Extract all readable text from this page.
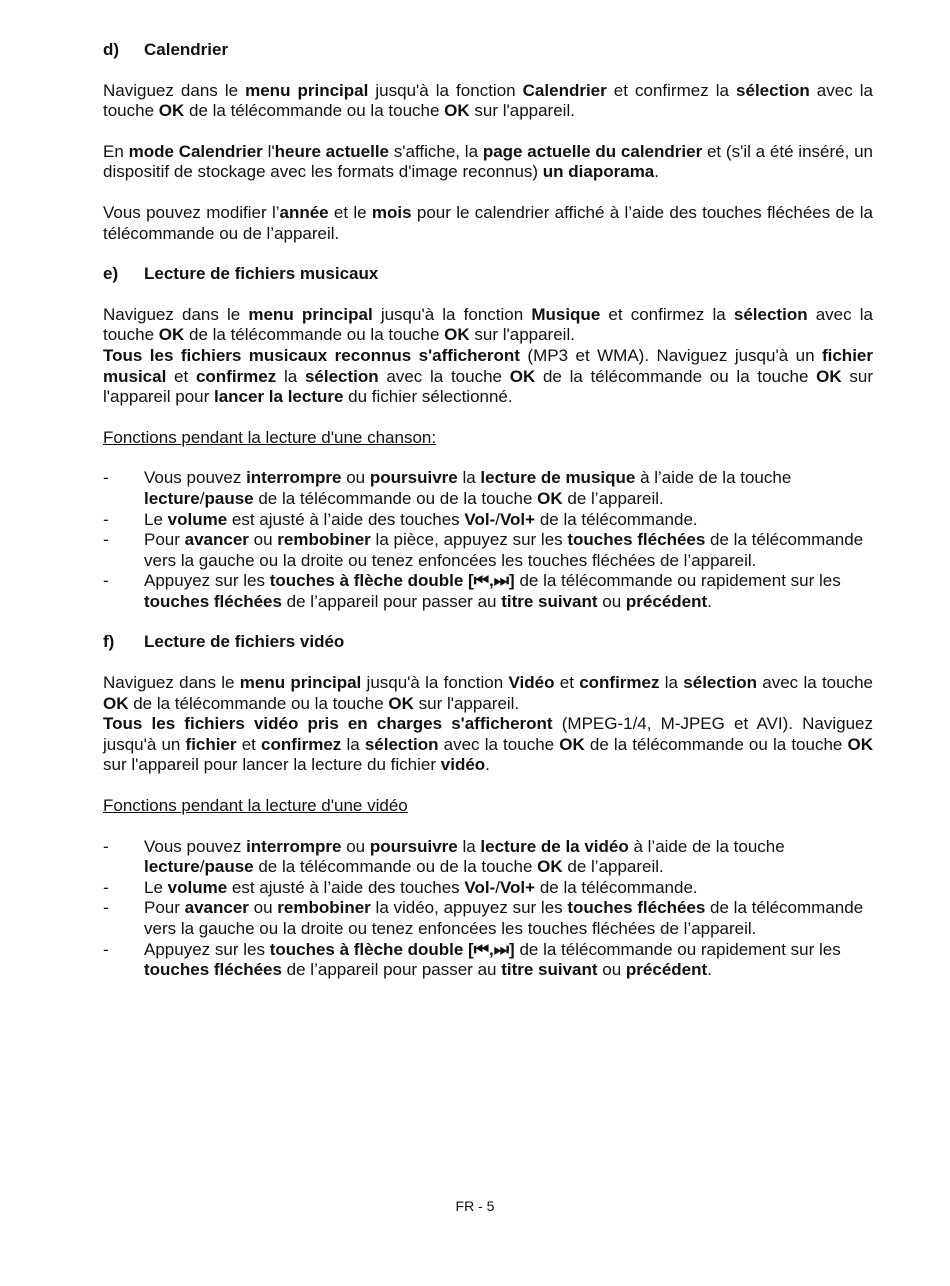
d)	Calendrier

Naviguez dans le menu principal jusqu'à la fonction Calendrier et confirmez la sélection avec la touche OK de la télécommande ou la touche OK sur l'appareil.

En mode Calendrier l'heure actuelle s'affiche, la page actuelle du calendrier et (s'il a été inséré, un dispositif de stockage avec les formats d'image reconnus) un diaporama.

Vous pouvez modifier l’année et le mois pour le calendrier affiché à l’aide des touches fléchées de la télécommande ou de l’appareil.

e)	Lecture de fichiers musicaux

Naviguez dans le menu principal jusqu'à la fonction Musique et confirmez la sélection avec la touche OK de la télécommande ou la touche OK sur l'appareil.

Tous les fichiers musicaux reconnus s'afficheront (MP3 et WMA). Naviguez jusqu'à un fichier musical et confirmez la sélection avec la touche OK de la télécommande ou la touche OK sur l'appareil pour lancer la lecture du fichier sélectionné.

Fonctions pendant la lecture d'une chanson:
-	Vous pouvez interrompre ou poursuivre la lecture de musique à l’aide de la touche lecture/pause de la télécommande ou de la touche OK de l’appareil.
-	Le volume est ajusté à l’aide des touches Vol-/Vol+ de la télécommande.
-	Pour avancer ou rembobiner la pièce, appuyez sur les touches fléchées de la télécommande vers la gauche ou la droite ou tenez enfoncées les touches fléchées de l’appareil.
-	Appuyez sur les touches à flèche double [⏮,⏭] de la télécommande ou rapidement sur les touches fléchées de l’appareil pour passer au titre suivant ou précédent.
f)	Lecture de fichiers vidéo

Naviguez dans le menu principal jusqu'à la fonction Vidéo et confirmez la sélection avec la touche OK de la télécommande ou la touche OK sur l'appareil.

Tous les fichiers vidéo pris en charges s'afficheront (MPEG-1/4, M-JPEG et AVI). Naviguez jusqu'à un fichier et confirmez la sélection avec la touche OK de la télécommande ou la touche OK sur l'appareil pour lancer la lecture du fichier vidéo.

Fonctions pendant la lecture d'une vidéo
-	Vous pouvez interrompre ou poursuivre la lecture de la vidéo à l’aide de la touche lecture/pause de la télécommande ou de la touche OK de l’appareil.
-	Le volume est ajusté à l’aide des touches Vol-/Vol+ de la télécommande.
-	Pour avancer ou rembobiner la vidéo, appuyez sur les touches fléchées de la télécommande vers la gauche ou la droite ou tenez enfoncées les touches fléchées de l’appareil.
-	Appuyez sur les touches à flèche double [⏮,⏭] de la télécommande ou rapidement sur les touches fléchées de l’appareil pour passer au titre suivant ou précédent.
FR - 5
